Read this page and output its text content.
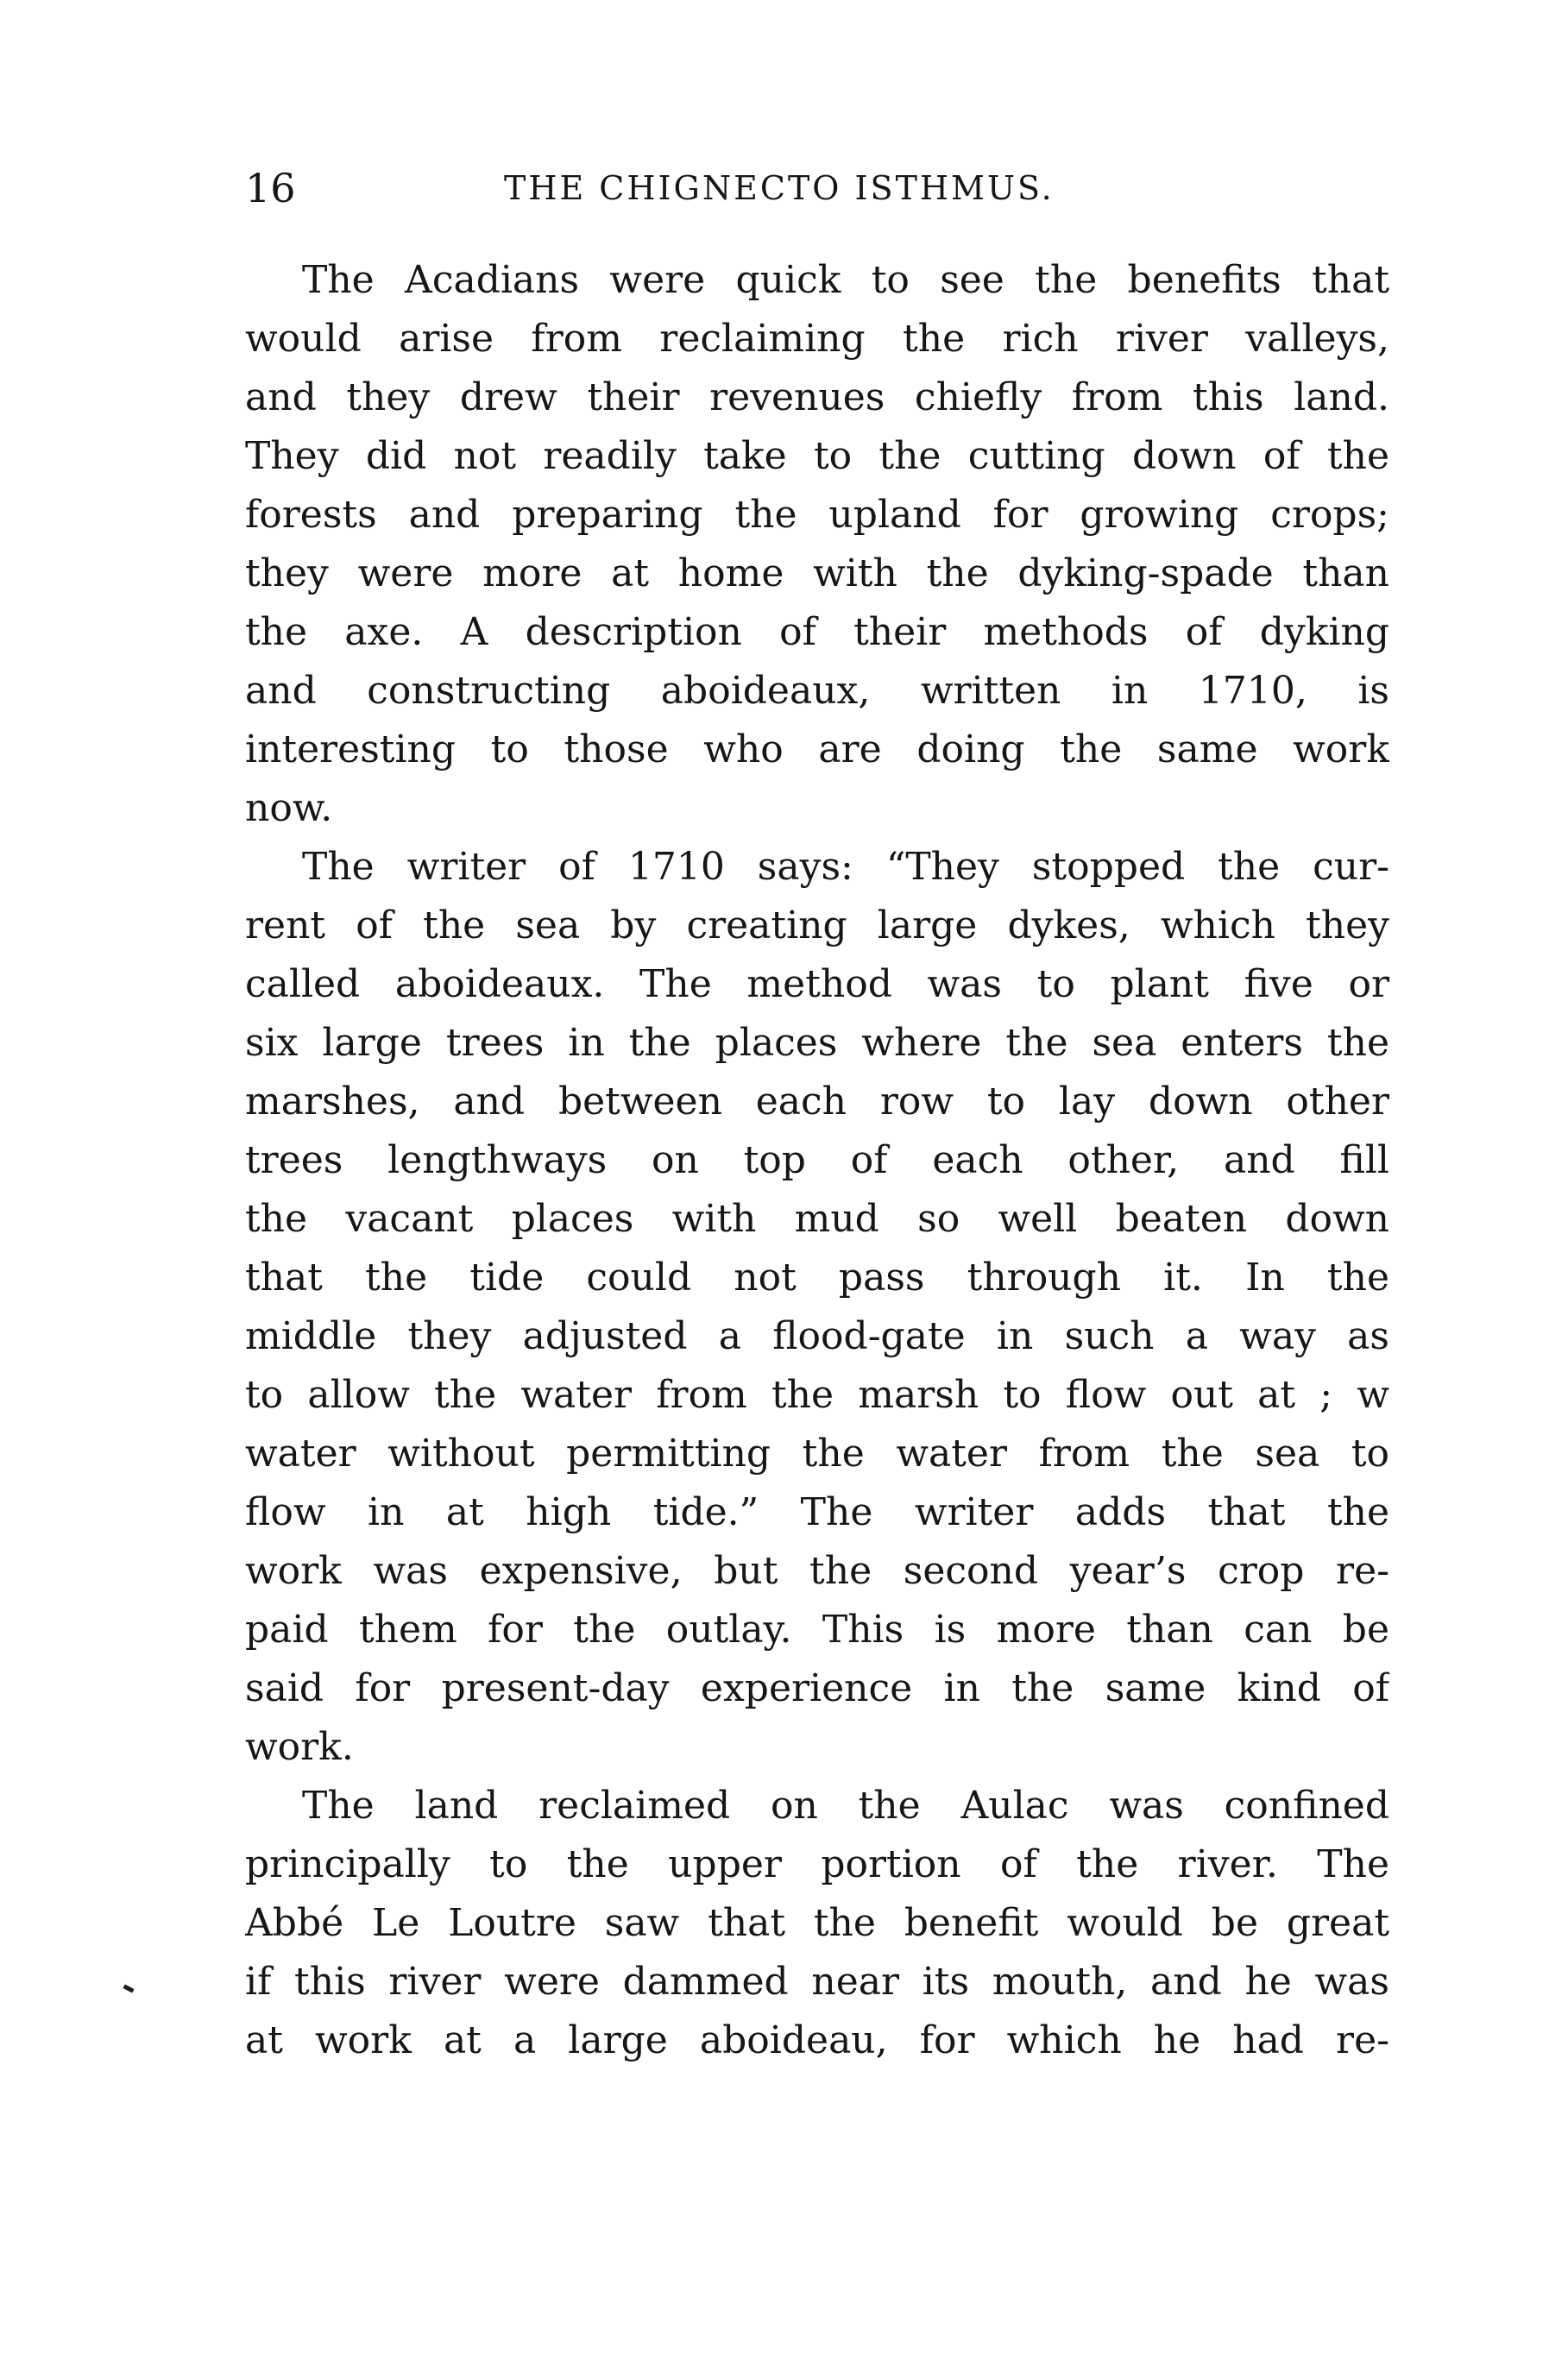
16	THE CHIGNECTO ISTHMUS.
The Acadians were quick to see the benefits that
would arise from reclaiming the rich river valleys,
and they drew their revenues chiefly from this land.
They did not readily take to the cutting down of the
forests and preparing the upland for growing crops;
they were more at home with the dyking-spade than
the axe. A description of their methods of dyking
and constructing aboideaux, written in 1710, is
interesting to those who are doing the same work
now.
The writer of 1710 says: “They stopped the cur-
rent of the sea by creating large dykes, which they
called aboideaux. The method was to plant five or
six large trees in the places where the sea enters the
marshes, and between each row to lay down other
trees lengthways on top of each other, and fill
the vacant places with mud so well beaten down
that the tide could not pass through it. In the
middle they adjusted a flood-gate in such a way as
to allow the water from the marsh to flow out at ; w
water without permitting the water from the sea to
flow in at high tide.” The writer adds that the
work was expensive, but the second year’s crop re-
paid them for the outlay. This is more than can be
said for present-day experience in the same kind of
work.
The land reclaimed on the Aulac was confined
principally to the upper portion of the river. The
Abbé Le Loutre saw that the benefit would be great
if this river were dammed near its mouth, and he was
at work at a large aboideau, for which he had re-
